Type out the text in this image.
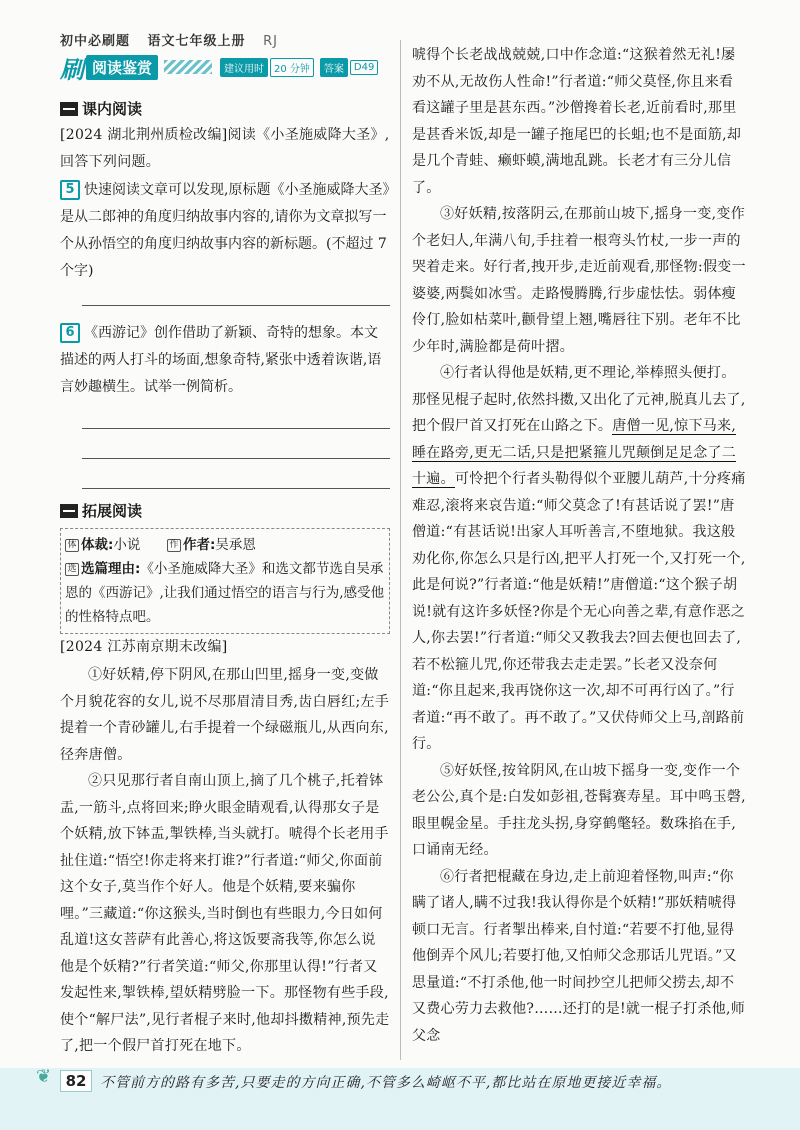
初中必刷题 语文七年级上册 RJ
刷 阅读鉴赏	建议用时	20 分钟	答案	D49
课内阅读
[2024 湖北荆州质检改编]阅读《小圣施威降大圣》,回答下列问题。
5 快速阅读文章可以发现,原标题《小圣施威降大圣》是从二郎神的角度归纳故事内容的,请你为文章拟写一个从孙悟空的角度归纳故事内容的新标题。(不超过 7 个字)
6 《西游记》创作借助了新颖、奇特的想象。本文描述的两人打斗的场面,想象奇特,紧张中透着诙谐,语言妙趣横生。试举一例简析。
拓展阅读
体 体裁:小说	作 作者:吴承恩
选 选篇理由:《小圣施威降大圣》和选文都节选自吴承恩的《西游记》,让我们通过悟空的语言与行为,感受他的性格特点吧。
[2024 江苏南京期末改编]

①好妖精,停下阴风,在那山凹里,摇身一变,变做个月貌花容的女儿,说不尽那眉清目秀,齿白唇红;左手提着一个青砂罐儿,右手提着一个绿磁瓶儿,从西向东,径奔唐僧。

②只见那行者自南山顶上,摘了几个桃子,托着钵盂,一筋斗,点将回来;睁火眼金睛观看,认得那女子是个妖精,放下钵盂,掣铁棒,当头就打。唬得个长老用手扯住道:“悟空!你走将来打谁?”行者道:“师父,你面前这个女子,莫当作个好人。他是个妖精,要来骗你哩。”三藏道:“你这猴头,当时倒也有些眼力,今日如何乱道!这女菩萨有此善心,将这饭要斋我等,你怎么说他是个妖精?”行者笑道:“师父,你那里认得!”行者又发起性来,掣铁棒,望妖精劈脸一下。那怪物有些手段,使个“解尸法”,见行者棍子来时,他却抖擞精神,预先走了,把一个假尸首打死在地下。

唬得个长老战战兢兢,口中作念道:“这猴着然无礼!屡劝不从,无故伤人性命!”行者道:“师父莫怪,你且来看看这罐子里是甚东西。”沙僧搀着长老,近前看时,那里是甚香米饭,却是一罐子拖尾巴的长蛆;也不是面筋,却是几个青蛙、癞虾蟆,满地乱跳。长老才有三分儿信了。

③好妖精,按落阴云,在那前山坡下,摇身一变,变作个老妇人,年满八旬,手拄着一根弯头竹杖,一步一声的哭着走来。好行者,拽开步,走近前观看,那怪物:假变一婆婆,两鬓如冰雪。走路慢腾腾,行步虚怯怯。弱体瘦伶仃,脸如枯菜叶,颧骨望上翘,嘴唇往下别。老年不比少年时,满脸都是荷叶摺。

④行者认得他是妖精,更不理论,举棒照头便打。那怪见棍子起时,依然抖擞,又出化了元神,脱真儿去了,把个假尸首又打死在山路之下。唐僧一见,惊下马来,睡在路旁,更无二话,只是把紧箍儿咒颠倒足足念了二十遍。可怜把个行者头勒得似个亚腰儿葫芦,十分疼痛难忍,滚将来哀告道:“师父莫念了!有甚话说了罢!”唐僧道:“有甚话说!出家人耳听善言,不堕地狱。我这般劝化你,你怎么只是行凶,把平人打死一个,又打死一个,此是何说?”行者道:“他是妖精!”唐僧道:“这个猴子胡说!就有这许多妖怪?你是个无心向善之辈,有意作恶之人,你去罢!”行者道:“师父又教我去?回去便也回去了,若不松箍儿咒,你还带我去走走罢。”长老又没奈何道:“你且起来,我再饶你这一次,却不可再行凶了。”行者道:“再不敢了。再不敢了。”又伏侍师父上马,剖路前行。

⑤好妖怪,按耸阴风,在山坡下摇身一变,变作一个老公公,真个是:白发如彭祖,苍髯赛寿星。耳中鸣玉磬,眼里幌金星。手拄龙头拐,身穿鹤氅轻。数珠掐在手,口诵南无经。

⑥行者把棍藏在身边,走上前迎着怪物,叫声:“你瞒了诸人,瞒不过我!我认得你是个妖精!”那妖精唬得顿口无言。行者掣出棒来,自忖道:“若要不打他,显得他倒弄个风儿;若要打他,又怕师父念那话儿咒语。”又思量道:“不打杀他,他一时间抄空儿把师父捞去,却不又费心劳力去救他?……还打的是!就一棍子打杀他,师父念

❦ 82 不管前方的路有多苦,只要走的方向正确,不管多么崎岖不平,都比站在原地更接近幸福。
